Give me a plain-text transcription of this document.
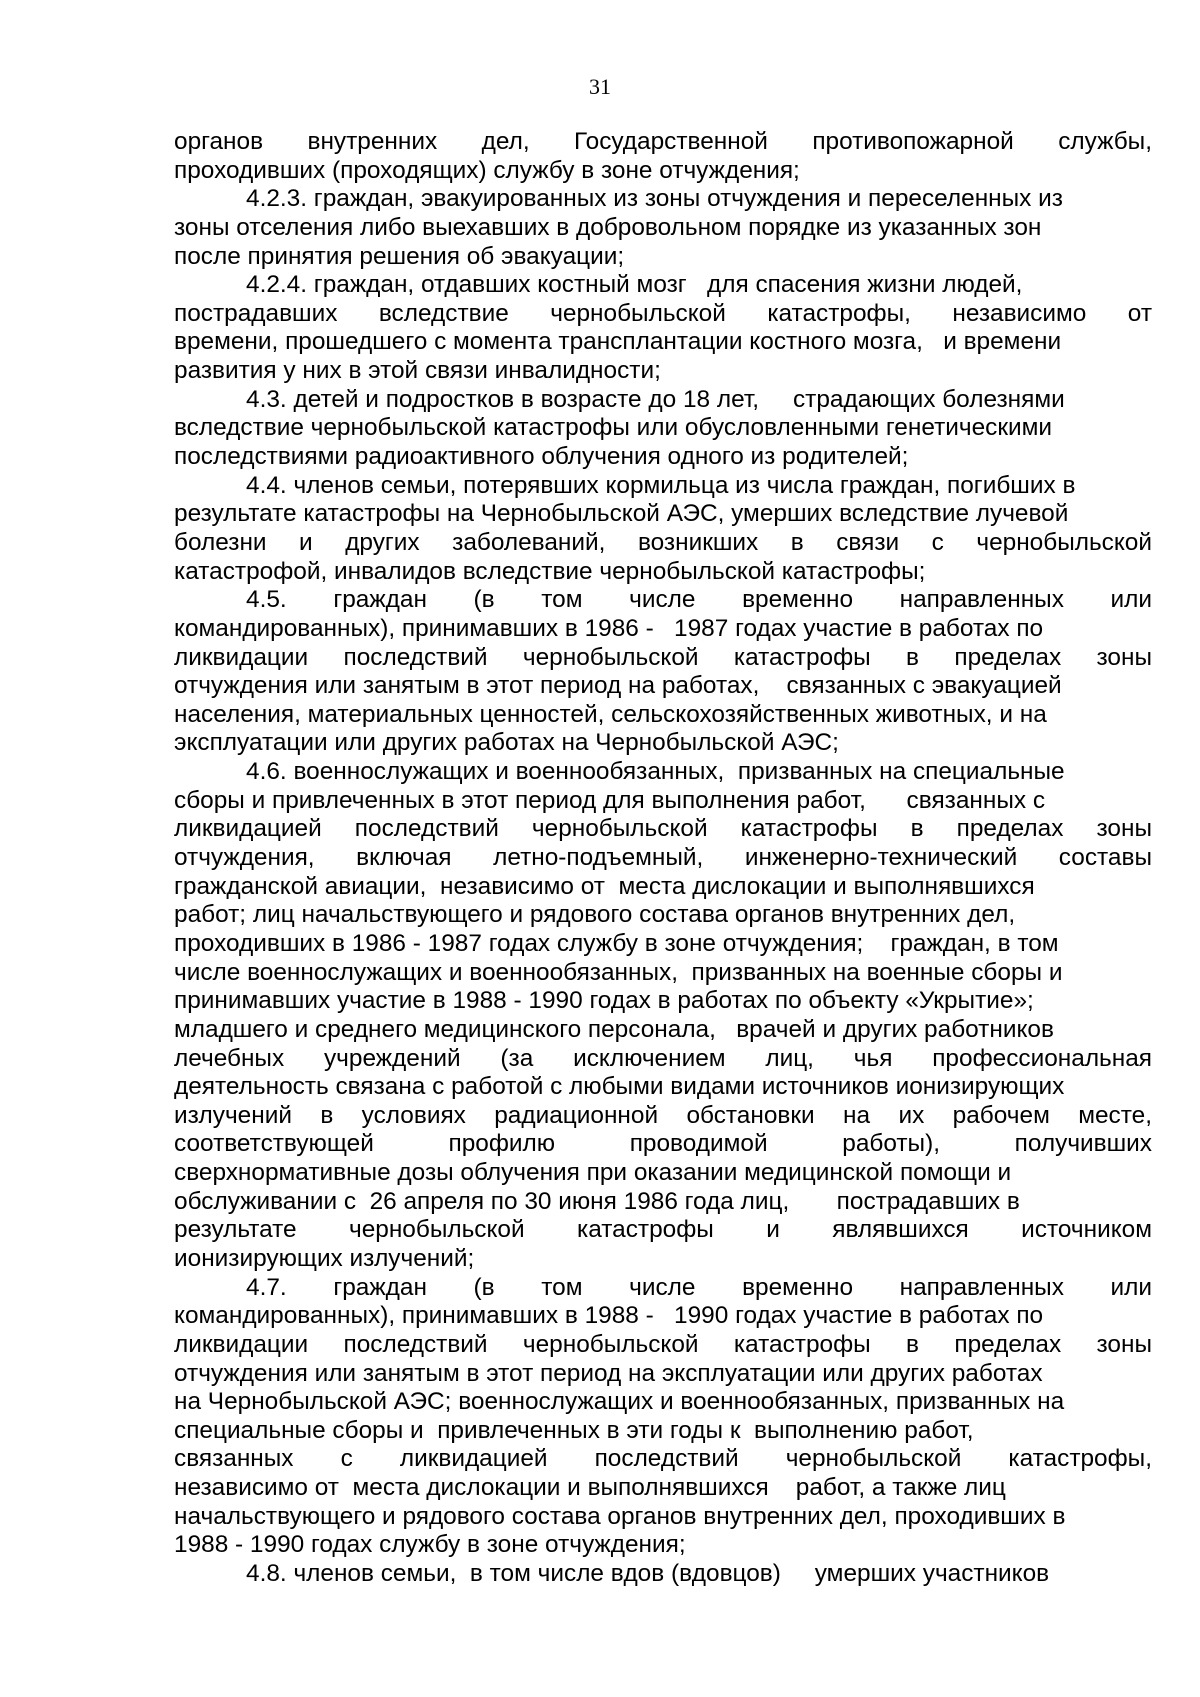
31
органов внутренних дел, Государственной противопожарной службы,
проходивших (проходящих) службу в зоне отчуждения;
4.2.3. граждан, эвакуированных из зоны отчуждения и переселенных из
зоны отселения либо выехавших в добровольном порядке из указанных зон
после принятия решения об эвакуации;
4.2.4. граждан, отдавших костный мозг   для спасения жизни людей,
пострадавших вследствие чернобыльской катастрофы, независимо от
времени, прошедшего с момента трансплантации костного мозга,   и времени
развития у них в этой связи инвалидности;
4.3. детей и подростков в возрасте до 18 лет,     страдающих болезнями
вследствие чернобыльской катастрофы или обусловленными генетическими
последствиями радиоактивного облучения одного из родителей;
4.4. членов семьи, потерявших кормильца из числа граждан, погибших в
результате катастрофы на Чернобыльской АЭС, умерших вследствие лучевой
болезни и других заболеваний, возникших в связи с чернобыльской
катастрофой, инвалидов вследствие чернобыльской катастрофы;
4.5. граждан (в том числе временно направленных или
командированных), принимавших в 1986 -   1987 годах участие в работах по
ликвидации последствий чернобыльской катастрофы в пределах зоны
отчуждения или занятым в этот период на работах,    связанных с эвакуацией
населения, материальных ценностей, сельскохозяйственных животных, и на
эксплуатации или других работах на Чернобыльской АЭС;
4.6. военнослужащих и военнообязанных,  призванных на специальные
сборы и привлеченных в этот период для выполнения работ,      связанных с
ликвидацией последствий чернобыльской катастрофы в пределах зоны
отчуждения, включая летно-подъемный, инженерно-технический составы
гражданской авиации,  независимо от  места дислокации и выполнявшихся
работ; лиц начальствующего и рядового состава органов внутренних дел,
проходивших в 1986 - 1987 годах службу в зоне отчуждения;    граждан, в том
числе военнослужащих и военнообязанных,  призванных на военные сборы и
принимавших участие в 1988 - 1990 годах в работах по объекту «Укрытие»;
младшего и среднего медицинского персонала,   врачей и других работников
лечебных учреждений (за исключением лиц, чья профессиональная
деятельность связана с работой с любыми видами источников ионизирующих
излучений в условиях радиационной обстановки на их рабочем месте,
соответствующей профилю проводимой работы), получивших
сверхнормативные дозы облучения при оказании медицинской помощи и
обслуживании с  26 апреля по 30 июня 1986 года лиц,       пострадавших в
результате чернобыльской катастрофы и являвшихся источником
ионизирующих излучений;
4.7. граждан (в том числе временно направленных или
командированных), принимавших в 1988 -   1990 годах участие в работах по
ликвидации последствий чернобыльской катастрофы в пределах зоны
отчуждения или занятым в этот период на эксплуатации или других работах
на Чернобыльской АЭС; военнослужащих и военнообязанных, призванных на
специальные сборы и  привлеченных в эти годы к  выполнению работ,
связанных с ликвидацией последствий чернобыльской катастрофы,
независимо от  места дислокации и выполнявшихся    работ, а также лиц
начальствующего и рядового состава органов внутренних дел, проходивших в
1988 - 1990 годах службу в зоне отчуждения;
4.8. членов семьи,  в том числе вдов (вдовцов)     умерших участников
